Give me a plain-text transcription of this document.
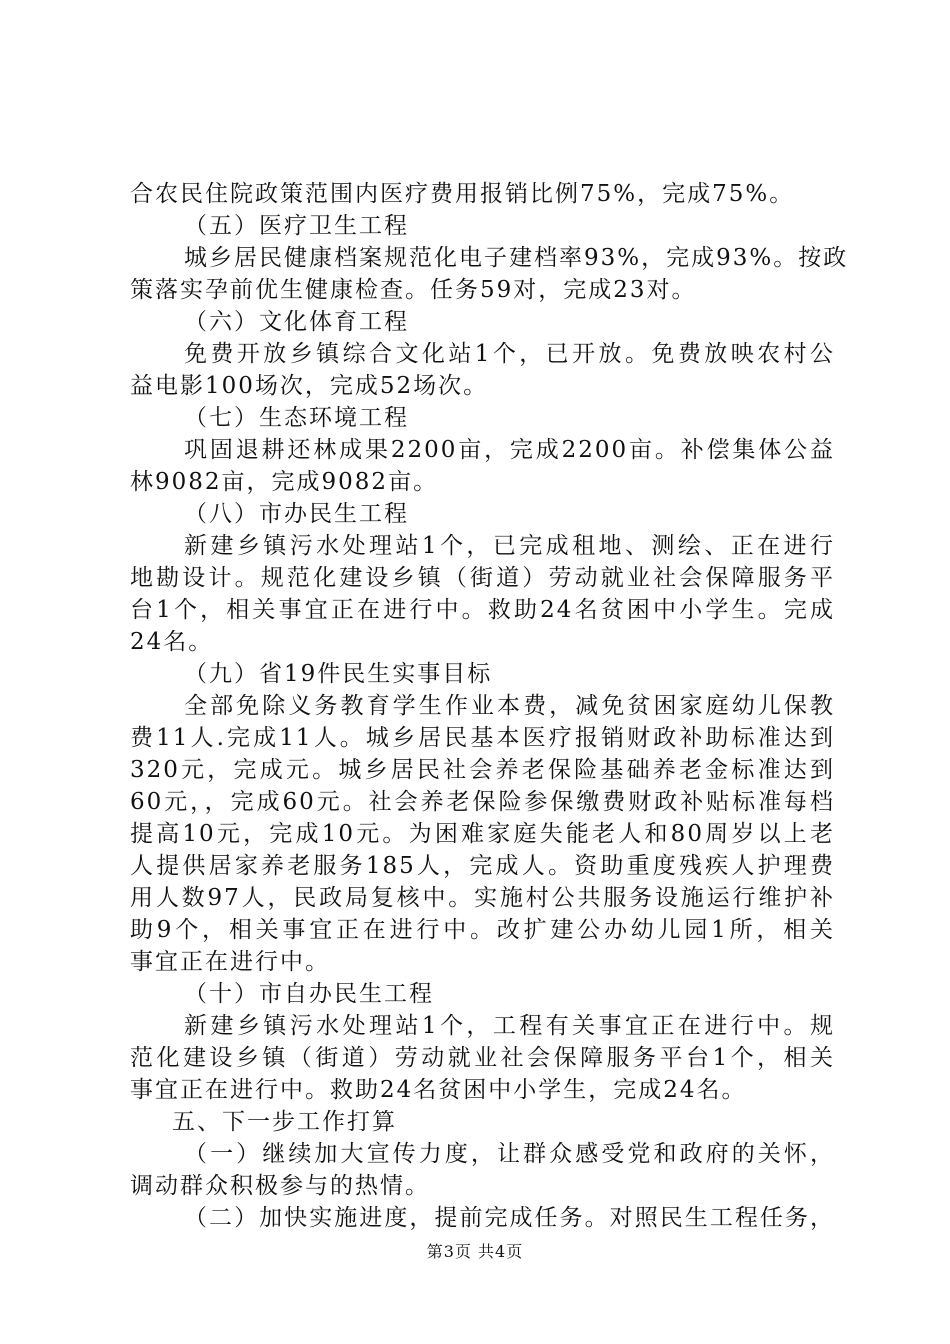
合农民住院政策范围内医疗费用报销比例75%，完成75%。
（五）医疗卫生工程
城乡居民健康档案规范化电子建档率93%，完成93%。按政
策落实孕前优生健康检查。任务59对，完成23对。
（六）文化体育工程
免费开放乡镇综合文化站1个，已开放。免费放映农村公
益电影100场次，完成52场次。
（七）生态环境工程
巩固退耕还林成果2200亩，完成2200亩。补偿集体公益
林9082亩，完成9082亩。
（八）市办民生工程
新建乡镇污水处理站1个，已完成租地、测绘、正在进行
地勘设计。规范化建设乡镇（街道）劳动就业社会保障服务平
台1个，相关事宜正在进行中。救助24名贫困中小学生。完成
24名。
（九）省19件民生实事目标
全部免除义务教育学生作业本费，减免贫困家庭幼儿保教
费11人.完成11人。城乡居民基本医疗报销财政补助标准达到
320元，完成元。城乡居民社会养老保险基础养老金标准达到
60元，，完成60元。社会养老保险参保缴费财政补贴标准每档
提高10元，完成10元。为困难家庭失能老人和80周岁以上老
人提供居家养老服务185人，完成人。资助重度残疾人护理费
用人数97人，民政局复核中。实施村公共服务设施运行维护补
助9个，相关事宜正在进行中。改扩建公办幼儿园1所，相关
事宜正在进行中。
（十）市自办民生工程
新建乡镇污水处理站1个，工程有关事宜正在进行中。规
范化建设乡镇（街道）劳动就业社会保障服务平台1个，相关
事宜正在进行中。救助24名贫困中小学生，完成24名。
五、下一步工作打算
（一）继续加大宣传力度，让群众感受党和政府的关怀，
调动群众积极参与的热情。
（二）加快实施进度，提前完成任务。对照民生工程任务，
第3页 共4页
